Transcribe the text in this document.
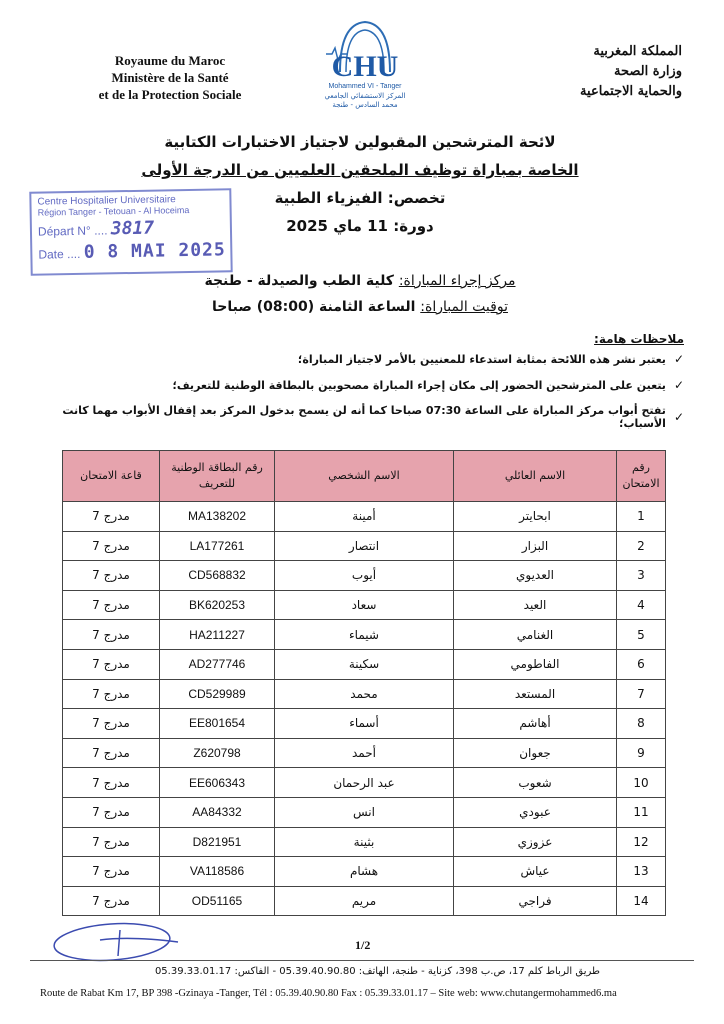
Royaume du Maroc
Ministère de la Santé
et de la Protection Sociale
CHU
Mohammed VI - Tanger
المركز الاستشفائي الجامعي
محمد السادس - طنجة
المملكة المغربية
وزارة الصحة
والحماية الاجتماعية
لائحة المترشحين المقبولين لاجتياز الاختبارات الكتابية
الخاصة بمباراة توظيف الملحقين العلميين من الدرجة الأولى
تخصص: الفيزياء الطبية
دورة: 11 ماي 2025
Centre Hospitalier Universitaire
Région Tanger - Tetouan - Al Hoceima
Départ N° .... 3817
Date .... 0 8 MAI 2025
مركز إجراء المباراة: كلية الطب والصيدلة - طنجة
توقيت المباراة: الساعة الثامنة (08:00) صباحا
ملاحظات هامة:
✓
يعتبر نشر هذه اللائحة بمثابة استدعاء للمعنيين بالأمر لاجتياز المباراة؛
✓
يتعين على المترشحين الحضور إلى مكان إجراء المباراة مصحوبين بالبطاقة الوطنية للتعريف؛
✓
تفتح أبواب مركز المباراة على الساعة 07:30 صباحا كما أنه لن يسمح بدخول المركز بعد إقفال الأبواب مهما كانت الأسباب؛
رقم الامتحان	الاسم العائلي	الاسم الشخصي	رقم البطاقة الوطنية للتعريف	قاعة الامتحان
1	ابحايتر	أمينة	MA138202	مدرج 7
2	البزار	انتصار	LA177261	مدرج 7
3	العديوي	أيوب	CD568832	مدرج 7
4	العيد	سعاد	BK620253	مدرج 7
5	الغنامي	شيماء	HA211227	مدرج 7
6	الفاطومي	سكينة	AD277746	مدرج 7
7	المستعد	محمد	CD529989	مدرج 7
8	أهاشم	أسماء	EE801654	مدرج 7
9	جعوان	أحمد	Z620798	مدرج 7
10	شعوب	عبد الرحمان	EE606343	مدرج 7
11	عبودي	انس	AA84332	مدرج 7
12	عزوزي	بثينة	D821951	مدرج 7
13	عياش	هشام	VA118586	مدرج 7
14	فراجي	مريم	OD51165	مدرج 7
1/2
طريق الرباط كلم 17، ص.ب 398، كزناية - طنجة، الهاتف: 05.39.40.90.80 - الفاكس: 05.39.33.01.17
Route de Rabat Km 17, BP 398 -Gzinaya -Tanger, Tél : 05.39.40.90.80 Fax : 05.39.33.01.17 – Site web: www.chutangermohammed6.ma
